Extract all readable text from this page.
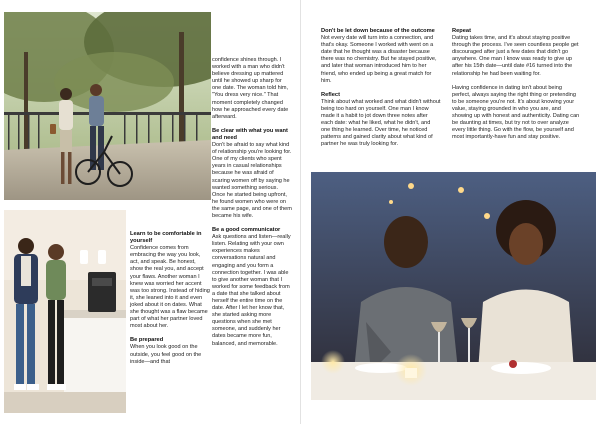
confidence shines through. I worked with a man who didn't believe dressing up mattered until he showed up sharp for one date. The woman told him, "You dress very nice." That moment completely changed how he approached every date afterward.

Be clear with what you want and need

Don't be afraid to say what kind of relationship you're looking for. One of my clients who spent years in casual relationships because he was afraid of scaring women off by saying he wanted something serious. Once he started being upfront, he found women who were on the same page, and one of them became his wife.

Be a good communicator

Ask questions and listen—really listen. Relating with your own experiences makes conversations natural and engaging and you form a connection together. I was able to give another woman that I worked for some feedback from a date that she talked about herself the entire time on the date. After I let her know that, she started asking more questions when she met someone, and suddenly her dates became more fun, balanced, and memorable.

Learn to be comfortable in yourself

Confidence comes from embracing the way you look, act, and speak. Be honest, show the real you, and accept your flaws. Another woman I knew was worried her accent was too strong. Instead of hiding it, she leaned into it and even joked about it on dates. What she thought was a flaw became part of what her partner loved most about her.

Be prepared

When you look good on the outside, you feel good on the inside—and that

Don't be let down because of the outcome

Not every date will turn into a connection, and that's okay. Someone I worked with went on a date that he thought was a disaster because there was no chemistry. But he stayed positive, and later that woman introduced him to her friend, who ended up being a great match for him.

Reflect

Think about what worked and what didn't without being too hard on yourself. One man I know made it a habit to jot down three notes after each date: what he liked, what he didn't, and one thing he learned. Over time, he noticed patterns and gained clarity about what kind of partner he was truly looking for.

Repeat

Dating takes time, and it's about staying positive through the process. I've seen countless people get discouraged after just a few dates that didn't go anywhere. One man I know was ready to give up after his 15th date—until date #16 turned into the relationship he had been waiting for.

Having confidence in dating isn't about being perfect, always saying the right thing or pretending to be someone you're not. It's about knowing your value, staying grounded in who you are, and showing up with honest and authenticity. Dating can be daunting at times, but try not to over analyze every little thing. Go with the flow, be yourself and most importantly-have fun and stay positive.
